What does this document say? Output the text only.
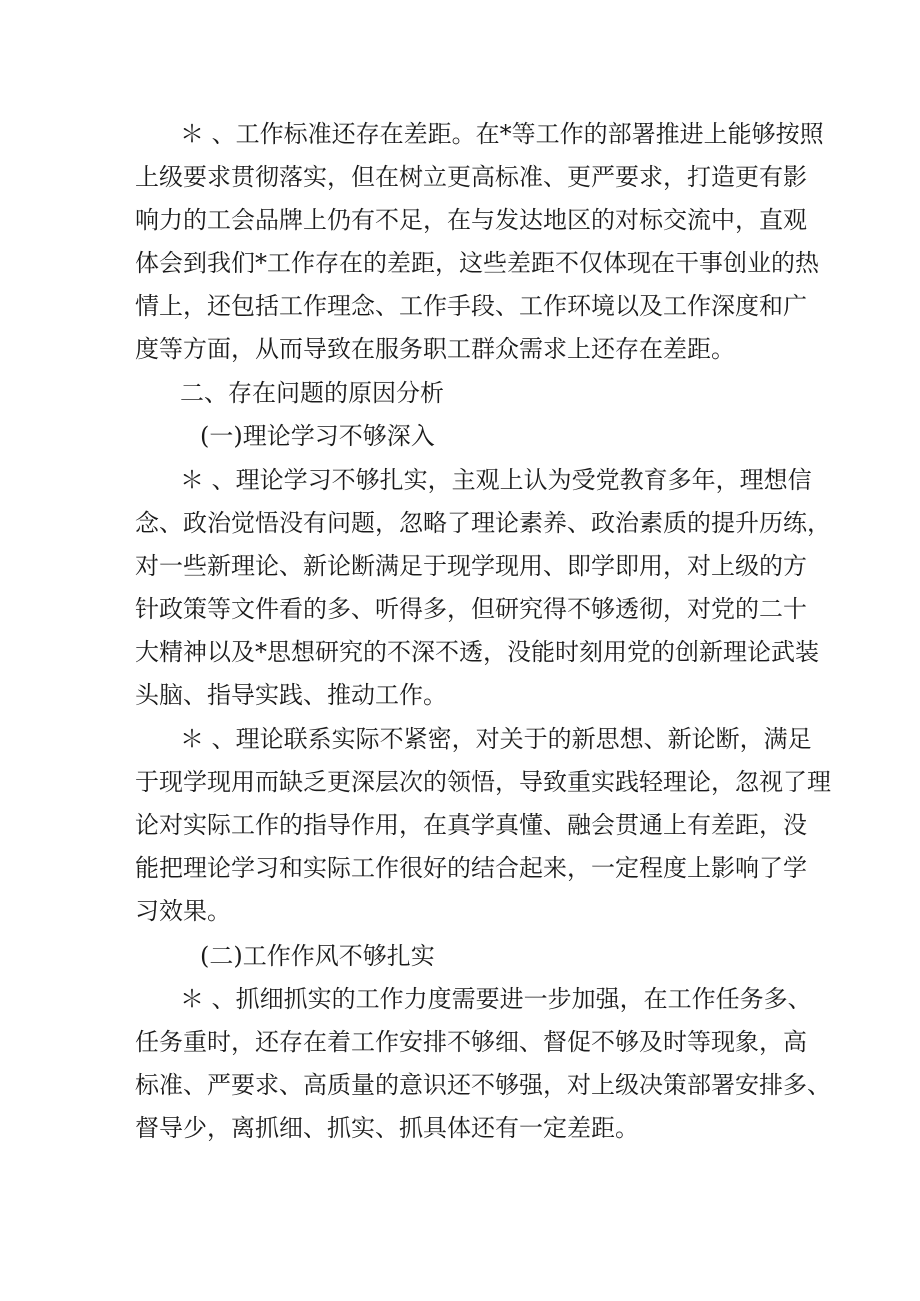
＊ 、工作标准还存在差距。在*等工作的部署推进上能够按照
上级要求贯彻落实，但在树立更高标准、更严要求，打造更有影
响力的工会品牌上仍有不足，在与发达地区的对标交流中，直观
体会到我们*工作存在的差距，这些差距不仅体现在干事创业的热
情上，还包括工作理念、工作手段、工作环境以及工作深度和广
度等方面，从而导致在服务职工群众需求上还存在差距。
二、存在问题的原因分析
(一)理论学习不够深入
＊ 、理论学习不够扎实，主观上认为受党教育多年，理想信
念、政治觉悟没有问题，忽略了理论素养、政治素质的提升历练，
对一些新理论、新论断满足于现学现用、即学即用，对上级的方
针政策等文件看的多、听得多，但研究得不够透彻，对党的二十
大精神以及*思想研究的不深不透，没能时刻用党的创新理论武装
头脑、指导实践、推动工作。
＊ 、理论联系实际不紧密，对关于的新思想、新论断，满足
于现学现用而缺乏更深层次的领悟，导致重实践轻理论，忽视了理
论对实际工作的指导作用，在真学真懂、融会贯通上有差距，没
能把理论学习和实际工作很好的结合起来，一定程度上影响了学
习效果。
(二)工作作风不够扎实
＊ 、抓细抓实的工作力度需要进一步加强，在工作任务多、
任务重时，还存在着工作安排不够细、督促不够及时等现象，高
标准、严要求、高质量的意识还不够强，对上级决策部署安排多、
督导少，离抓细、抓实、抓具体还有一定差距。
